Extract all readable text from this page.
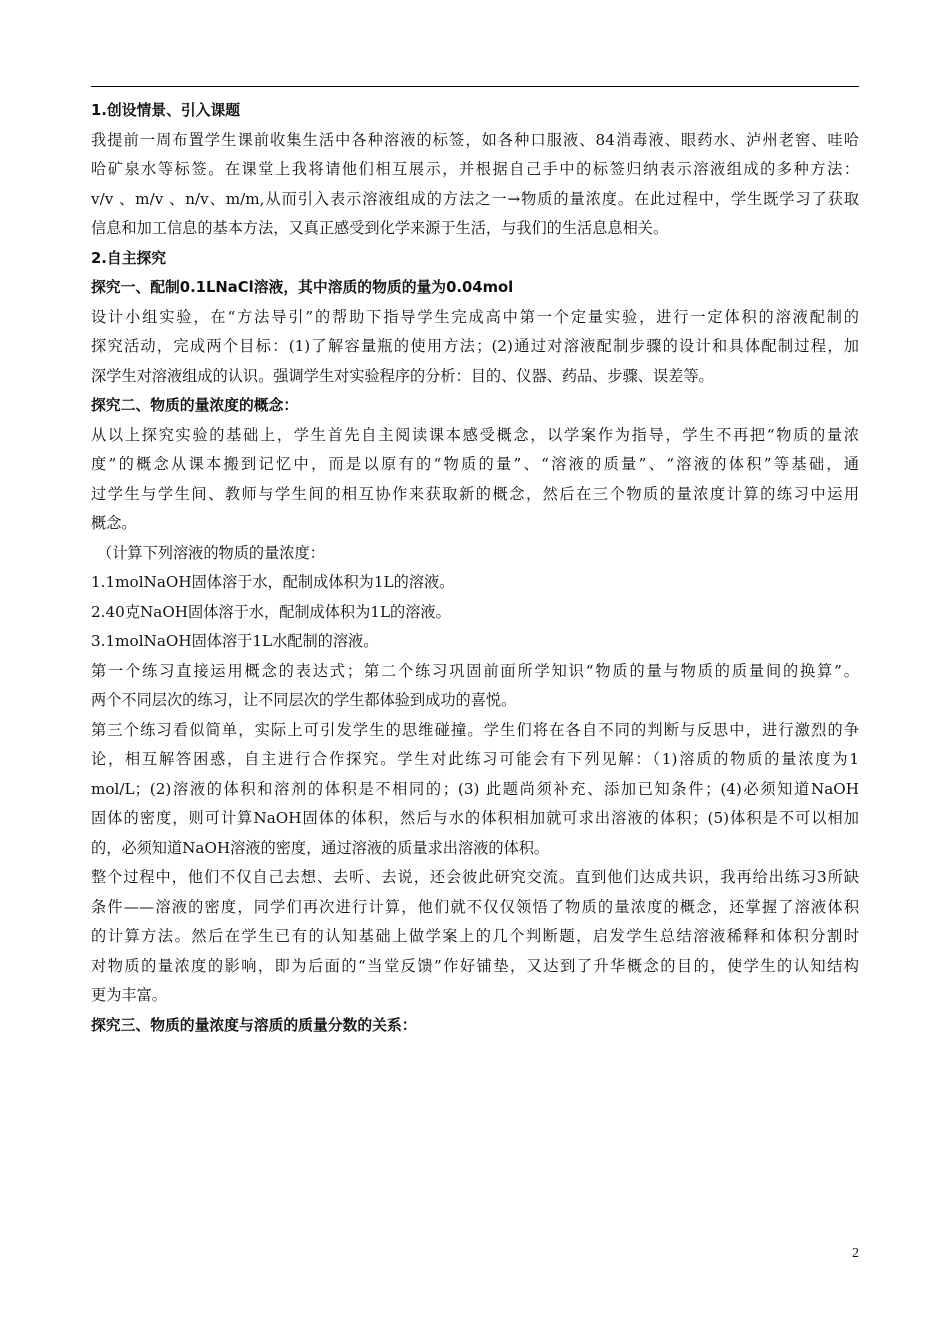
1.创设情景、引入课题
我提前一周布置学生课前收集生活中各种溶液的标签，如各种口服液、84消毒液、眼药水、泸州老窖、哇哈
哈矿泉水等标签。在课堂上我将请他们相互展示，并根据自己手中的标签归纳表示溶液组成的多种方法：
v/v 、m/v 、n/v、m/m,从而引入表示溶液组成的方法之一→物质的量浓度。在此过程中，学生既学习了获取
信息和加工信息的基本方法，又真正感受到化学来源于生活，与我们的生活息息相关。
2.自主探究
探究一、配制0.1LNaCl溶液，其中溶质的物质的量为0.04mol
设计小组实验，在“方法导引”的帮助下指导学生完成高中第一个定量实验，进行一定体积的溶液配制的
探究活动，完成两个目标：(1)了解容量瓶的使用方法；(2)通过对溶液配制步骤的设计和具体配制过程，加
深学生对溶液组成的认识。强调学生对实验程序的分析：目的、仪器、药品、步骤、误差等。
探究二、物质的量浓度的概念：
从以上探究实验的基础上，学生首先自主阅读课本感受概念，以学案作为指导，学生不再把“物质的量浓
度”的概念从课本搬到记忆中，而是以原有的“物质的量”、“溶液的质量”、“溶液的体积”等基础，通
过学生与学生间、教师与学生间的相互协作来获取新的概念，然后在三个物质的量浓度计算的练习中运用
概念。
（计算下列溶液的物质的量浓度：
1.1molNaOH固体溶于水，配制成体积为1L的溶液。
2.40克NaOH固体溶于水，配制成体积为1L的溶液。
3.1molNaOH固体溶于1L水配制的溶液。
第一个练习直接运用概念的表达式；第二个练习巩固前面所学知识“物质的量与物质的质量间的换算”。
两个不同层次的练习，让不同层次的学生都体验到成功的喜悦。
第三个练习看似简单，实际上可引发学生的思维碰撞。学生们将在各自不同的判断与反思中，进行激烈的争
论，相互解答困惑，自主进行合作探究。学生对此练习可能会有下列见解：（1)溶质的物质的量浓度为1
mol/L；(2)溶液的体积和溶剂的体积是不相同的；(3) 此题尚须补充、添加已知条件；(4)必须知道NaOH
固体的密度，则可计算NaOH固体的体积，然后与水的体积相加就可求出溶液的体积；(5)体积是不可以相加
的，必须知道NaOH溶液的密度，通过溶液的质量求出溶液的体积。
整个过程中，他们不仅自己去想、去听、去说，还会彼此研究交流。直到他们达成共识，我再给出练习3所缺
条件——溶液的密度，同学们再次进行计算，他们就不仅仅领悟了物质的量浓度的概念，还掌握了溶液体积
的计算方法。然后在学生已有的认知基础上做学案上的几个判断题，启发学生总结溶液稀释和体积分割时
对物质的量浓度的影响，即为后面的“当堂反馈”作好铺垫，又达到了升华概念的目的，使学生的认知结构
更为丰富。
探究三、物质的量浓度与溶质的质量分数的关系：
2
